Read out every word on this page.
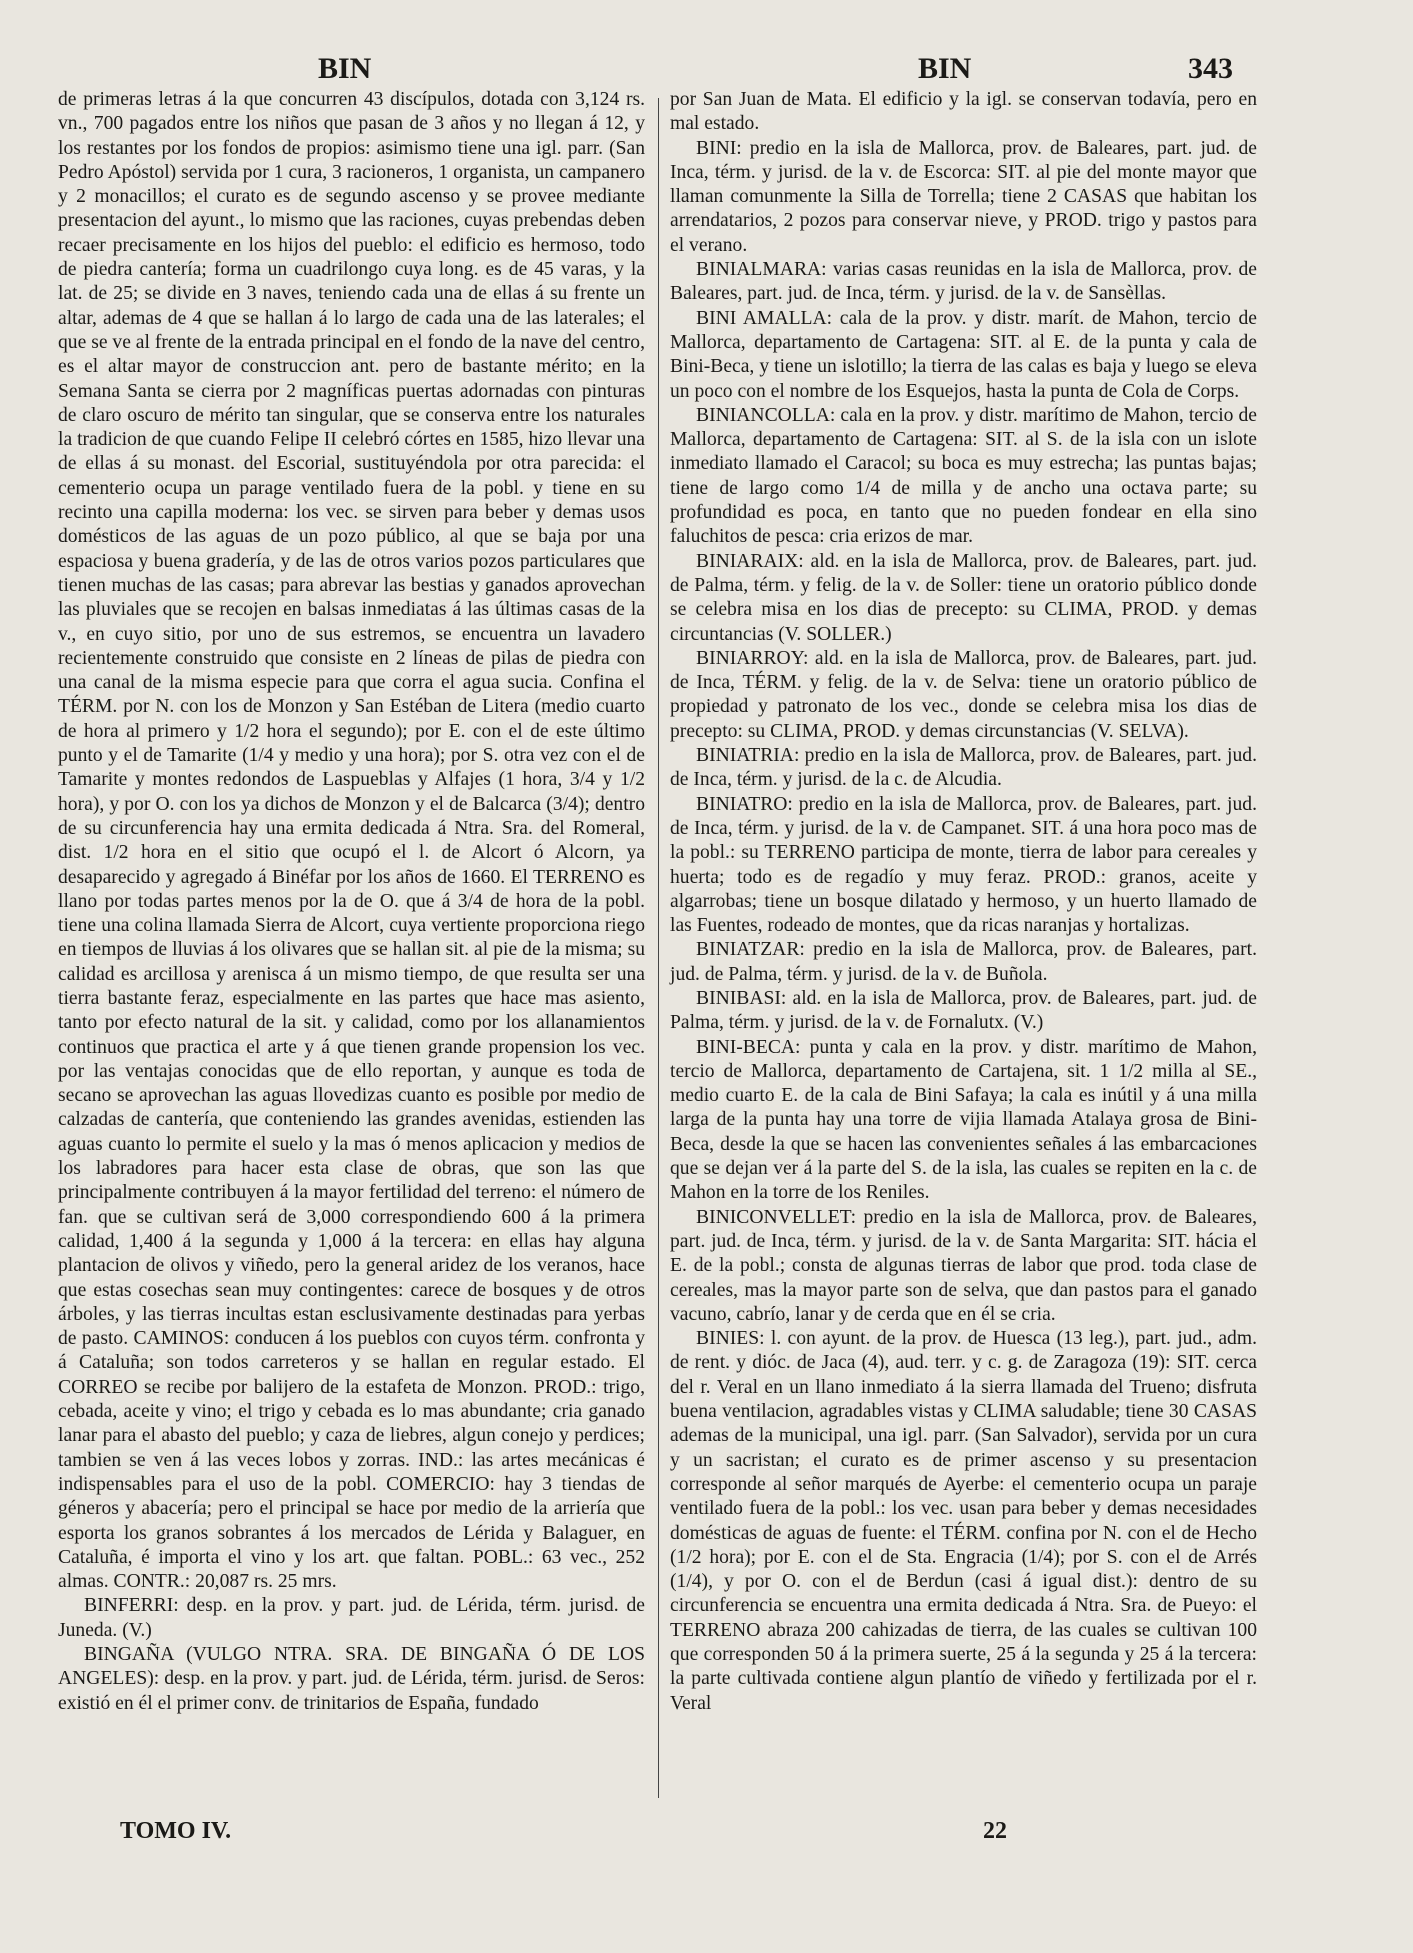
BIN	BIN	343

de primeras letras á la que concurren 43 discípulos, dotada con 3,124 rs. vn., 700 pagados entre los niños que pasan de 3 años y no llegan á 12, y los restantes por los fondos de propios: asimismo tiene una igl. parr. (San Pedro Apóstol) servida por 1 cura, 3 racioneros, 1 organista, un campanero y 2 monacillos; el curato es de segundo ascenso y se provee mediante presentacion del ayunt., lo mismo que las raciones, cuyas prebendas deben recaer precisamente en los hijos del pueblo: el edificio es hermoso, todo de piedra cantería; forma un cuadrilongo cuya long. es de 45 varas, y la lat. de 25; se divide en 3 naves, teniendo cada una de ellas á su frente un altar, ademas de 4 que se hallan á lo largo de cada una de las laterales; el que se ve al frente de la entrada principal en el fondo de la nave del centro, es el altar mayor de construccion ant. pero de bastante mérito; en la Semana Santa se cierra por 2 magníficas puertas adornadas con pinturas de claro oscuro de mérito tan singular, que se conserva entre los naturales la tradicion de que cuando Felipe II celebró córtes en 1585, hizo llevar una de ellas á su monast. del Escorial, sustituyéndola por otra parecida: el cementerio ocupa un parage ventilado fuera de la pobl. y tiene en su recinto una capilla moderna: los vec. se sirven para beber y demas usos domésticos de las aguas de un pozo público, al que se baja por una espaciosa y buena gradería, y de las de otros varios pozos particulares que tienen muchas de las casas; para abrevar las bestias y ganados aprovechan las pluviales que se recojen en balsas inmediatas á las últimas casas de la v., en cuyo sitio, por uno de sus estremos, se encuentra un lavadero recientemente construido que consiste en 2 líneas de pilas de piedra con una canal de la misma especie para que corra el agua sucia. Confina el TÉRM. por N. con los de Monzon y San Estéban de Litera (medio cuarto de hora al primero y 1/2 hora el segundo); por E. con el de este último punto y el de Tamarite (1/4 y medio y una hora); por S. otra vez con el de Tamarite y montes redondos de Laspueblas y Alfajes (1 hora, 3/4 y 1/2 hora), y por O. con los ya dichos de Monzon y el de Balcarca (3/4); dentro de su circunferencia hay una ermita dedicada á Ntra. Sra. del Romeral, dist. 1/2 hora en el sitio que ocupó el l. de Alcort ó Alcorn, ya desaparecido y agregado á Binéfar por los años de 1660. El TERRENO es llano por todas partes menos por la de O. que á 3/4 de hora de la pobl. tiene una colina llamada Sierra de Alcort, cuya vertiente proporciona riego en tiempos de lluvias á los olivares que se hallan sit. al pie de la misma; su calidad es arcillosa y arenisca á un mismo tiempo, de que resulta ser una tierra bastante feraz, especialmente en las partes que hace mas asiento, tanto por efecto natural de la sit. y calidad, como por los allanamientos continuos que practica el arte y á que tienen grande propension los vec. por las ventajas conocidas que de ello reportan, y aunque es toda de secano se aprovechan las aguas llovedizas cuanto es posible por medio de calzadas de cantería, que conteniendo las grandes avenidas, estienden las aguas cuanto lo permite el suelo y la mas ó menos aplicacion y medios de los labradores para hacer esta clase de obras, que son las que principalmente contribuyen á la mayor fertilidad del terreno: el número de fan. que se cultivan será de 3,000 correspondiendo 600 á la primera calidad, 1,400 á la segunda y 1,000 á la tercera: en ellas hay alguna plantacion de olivos y viñedo, pero la general aridez de los veranos, hace que estas cosechas sean muy contingentes: carece de bosques y de otros árboles, y las tierras incultas estan esclusivamente destinadas para yerbas de pasto. CAMINOS: conducen á los pueblos con cuyos térm. confronta y á Cataluña; son todos carreteros y se hallan en regular estado. El CORREO se recibe por balijero de la estafeta de Monzon. PROD.: trigo, cebada, aceite y vino; el trigo y cebada es lo mas abundante; cria ganado lanar para el abasto del pueblo; y caza de liebres, algun conejo y perdices; tambien se ven á las veces lobos y zorras. IND.: las artes mecánicas é indispensables para el uso de la pobl. COMERCIO: hay 3 tiendas de géneros y abacería; pero el principal se hace por medio de la arriería que esporta los granos sobrantes á los mercados de Lérida y Balaguer, en Cataluña, é importa el vino y los art. que faltan. POBL.: 63 vec., 252 almas. CONTR.: 20,087 rs. 25 mrs.

BINFERRI: desp. en la prov. y part. jud. de Lérida, térm. jurisd. de Juneda. (V.)

BINGAÑA (VULGO NTRA. SRA. DE BINGAÑA Ó DE LOS ANGELES): desp. en la prov. y part. jud. de Lérida, térm. jurisd. de Seros: existió en él el primer conv. de trinitarios de España, fundado

por San Juan de Mata. El edificio y la igl. se conservan todavía, pero en mal estado.

BINI: predio en la isla de Mallorca, prov. de Baleares, part. jud. de Inca, térm. y jurisd. de la v. de Escorca: SIT. al pie del monte mayor que llaman comunmente la Silla de Torrella; tiene 2 CASAS que habitan los arrendatarios, 2 pozos para conservar nieve, y PROD. trigo y pastos para el verano.

BINIALMARA: varias casas reunidas en la isla de Mallorca, prov. de Baleares, part. jud. de Inca, térm. y jurisd. de la v. de Sansèllas.

BINI AMALLA: cala de la prov. y distr. marít. de Mahon, tercio de Mallorca, departamento de Cartagena: SIT. al E. de la punta y cala de Bini-Beca, y tiene un islotillo; la tierra de las calas es baja y luego se eleva un poco con el nombre de los Esquejos, hasta la punta de Cola de Corps.

BINIANCOLLA: cala en la prov. y distr. marítimo de Mahon, tercio de Mallorca, departamento de Cartagena: SIT. al S. de la isla con un islote inmediato llamado el Caracol; su boca es muy estrecha; las puntas bajas; tiene de largo como 1/4 de milla y de ancho una octava parte; su profundidad es poca, en tanto que no pueden fondear en ella sino faluchitos de pesca: cria erizos de mar.

BINIARAIX: ald. en la isla de Mallorca, prov. de Baleares, part. jud. de Palma, térm. y felig. de la v. de Soller: tiene un oratorio público donde se celebra misa en los dias de precepto: su CLIMA, PROD. y demas circuntancias (V. SOLLER.)

BINIARROY: ald. en la isla de Mallorca, prov. de Baleares, part. jud. de Inca, TÉRM. y felig. de la v. de Selva: tiene un oratorio público de propiedad y patronato de los vec., donde se celebra misa los dias de precepto: su CLIMA, PROD. y demas circunstancias (V. SELVA).

BINIATRIA: predio en la isla de Mallorca, prov. de Baleares, part. jud. de Inca, térm. y jurisd. de la c. de Alcudia.

BINIATRO: predio en la isla de Mallorca, prov. de Baleares, part. jud. de Inca, térm. y jurisd. de la v. de Campanet. SIT. á una hora poco mas de la pobl.: su TERRENO participa de monte, tierra de labor para cereales y huerta; todo es de regadío y muy feraz. PROD.: granos, aceite y algarrobas; tiene un bosque dilatado y hermoso, y un huerto llamado de las Fuentes, rodeado de montes, que da ricas naranjas y hortalizas.

BINIATZAR: predio en la isla de Mallorca, prov. de Baleares, part. jud. de Palma, térm. y jurisd. de la v. de Buñola.

BINIBASI: ald. en la isla de Mallorca, prov. de Baleares, part. jud. de Palma, térm. y jurisd. de la v. de Fornalutx. (V.)

BINI-BECA: punta y cala en la prov. y distr. marítimo de Mahon, tercio de Mallorca, departamento de Cartajena, sit. 1 1/2 milla al SE., medio cuarto E. de la cala de Bini Safaya; la cala es inútil y á una milla larga de la punta hay una torre de vijia llamada Atalaya grosa de Bini-Beca, desde la que se hacen las convenientes señales á las embarcaciones que se dejan ver á la parte del S. de la isla, las cuales se repiten en la c. de Mahon en la torre de los Reniles.

BINICONVELLET: predio en la isla de Mallorca, prov. de Baleares, part. jud. de Inca, térm. y jurisd. de la v. de Santa Margarita: SIT. hácia el E. de la pobl.; consta de algunas tierras de labor que prod. toda clase de cereales, mas la mayor parte son de selva, que dan pastos para el ganado vacuno, cabrío, lanar y de cerda que en él se cria.

BINIES: l. con ayunt. de la prov. de Huesca (13 leg.), part. jud., adm. de rent. y dióc. de Jaca (4), aud. terr. y c. g. de Zaragoza (19): SIT. cerca del r. Veral en un llano inmediato á la sierra llamada del Trueno; disfruta buena ventilacion, agradables vistas y CLIMA saludable; tiene 30 CASAS ademas de la municipal, una igl. parr. (San Salvador), servida por un cura y un sacristan; el curato es de primer ascenso y su presentacion corresponde al señor marqués de Ayerbe: el cementerio ocupa un paraje ventilado fuera de la pobl.: los vec. usan para beber y demas necesidades domésticas de aguas de fuente: el TÉRM. confina por N. con el de Hecho (1/2 hora); por E. con el de Sta. Engracia (1/4); por S. con el de Arrés (1/4), y por O. con el de Berdun (casi á igual dist.): dentro de su circunferencia se encuentra una ermita dedicada á Ntra. Sra. de Pueyo: el TERRENO abraza 200 cahizadas de tierra, de las cuales se cultivan 100 que corresponden 50 á la primera suerte, 25 á la segunda y 25 á la tercera: la parte cultivada contiene algun plantío de viñedo y fertilizada por el r. Veral

TOMO IV.	22
